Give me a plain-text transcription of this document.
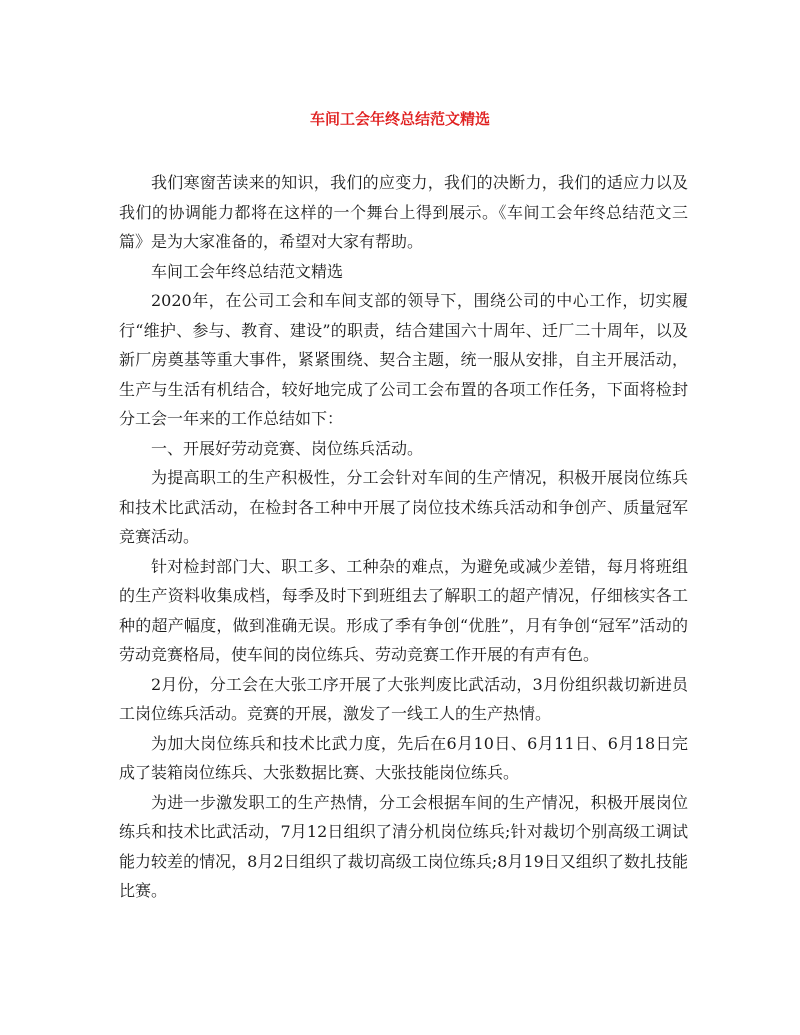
车间工会年终总结范文精选

我们寒窗苦读来的知识，我们的应变力，我们的决断力，我们的适应力以及我们的协调能力都将在这样的一个舞台上得到展示。《车间工会年终总结范文三篇》是为大家准备的，希望对大家有帮助。

车间工会年终总结范文精选

2020年，在公司工会和车间支部的领导下，围绕公司的中心工作，切实履行“维护、参与、教育、建设”的职责，结合建国六十周年、迁厂二十周年，以及新厂房奠基等重大事件，紧紧围绕、契合主题，统一服从安排，自主开展活动，生产与生活有机结合，较好地完成了公司工会布置的各项工作任务，下面将检封分工会一年来的工作总结如下：

一、开展好劳动竞赛、岗位练兵活动。

为提高职工的生产积极性，分工会针对车间的生产情况，积极开展岗位练兵和技术比武活动，在检封各工种中开展了岗位技术练兵活动和争创产、质量冠军竞赛活动。

针对检封部门大、职工多、工种杂的难点，为避免或减少差错，每月将班组的生产资料收集成档，每季及时下到班组去了解职工的超产情况，仔细核实各工种的超产幅度，做到准确无误。形成了季有争创“优胜”，月有争创“冠军”活动的劳动竞赛格局，使车间的岗位练兵、劳动竞赛工作开展的有声有色。

2月份，分工会在大张工序开展了大张判废比武活动，3月份组织裁切新进员工岗位练兵活动。竞赛的开展，激发了一线工人的生产热情。

为加大岗位练兵和技术比武力度，先后在6月10日、6月11日、6月18日完成了装箱岗位练兵、大张数据比赛、大张技能岗位练兵。

为进一步激发职工的生产热情，分工会根据车间的生产情况，积极开展岗位练兵和技术比武活动，7月12日组织了清分机岗位练兵;针对裁切个别高级工调试能力较差的情况，8月2日组织了裁切高级工岗位练兵;8月19日又组织了数扎技能比赛。
